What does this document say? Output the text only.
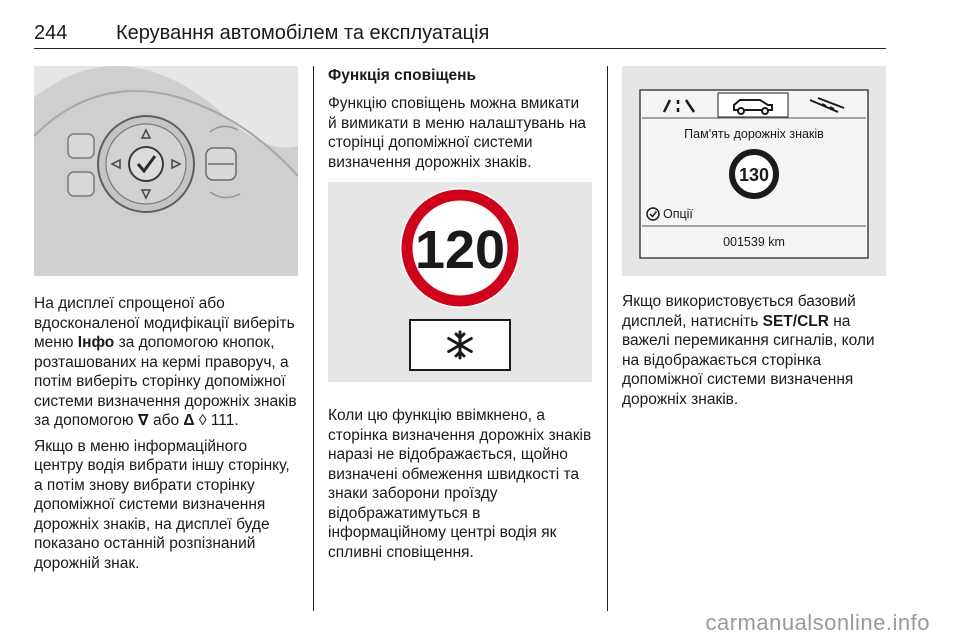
244 Керування автомобілем та експлуатація

На дисплеї спрощеної або вдосконаленої модифікації виберіть меню Інфо за допомогою кнопок, розташованих на кермі праворуч, а потім виберіть сторінку допоміжної системи визначення дорожніх знаків за допомогою ∇ або Δ ◊ 111.

Якщо в меню інформаційного центру водія вибрати іншу сторінку, а потім знову вибрати сторінку допоміжної системи визначення дорожніх знаків, на дисплеї буде показано останній розпізнаний дорожній знак.

Функція сповіщень

Функцію сповіщень можна вмикати й вимикати в меню налаштувань на сторінці допоміжної системи визначення дорожніх знаків.

120

Коли цю функцію ввімкнено, а сторінка визначення дорожніх знаків наразі не відображається, щойно визначені обмеження швидкості та знаки заборони проїзду відображатимуться в інформаційному центрі водія як спливні сповіщення.

Пам'ять дорожніх знаків
130
Опції
001539 km

Якщо використовується базовий дисплей, натисніть SET/CLR на важелі перемикання сигналів, коли на відображається сторінка допоміжної системи визначення дорожніх знаків.

carmanualsonline.info
